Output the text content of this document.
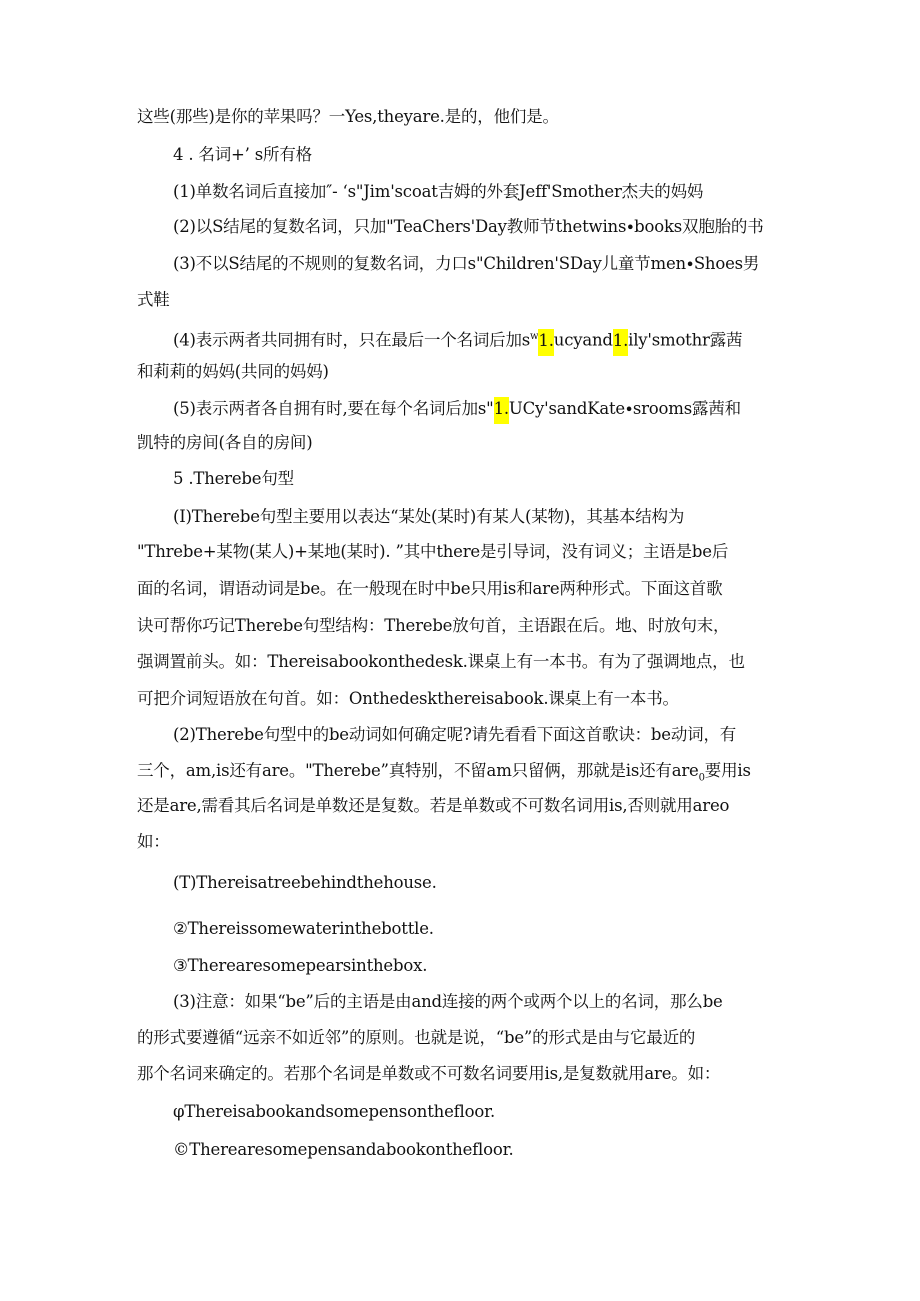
这些(那些)是你的苹果吗？一Yes,theyare.是的，他们是。
4 . 名词+’ s所有格
(1)单数名词后直接加″- ‘s"Jim'scoat吉姆的外套Jeff'Smother杰夫的妈妈
(2)以S结尾的复数名词，只加"TeaChers'Day教师节thetwins∙books双胞胎的书
(3)不以S结尾的不规则的复数名词，力口s"Children'SDay儿童节men∙Shoes男
式鞋
(4)表示两者共同拥有时，只在最后一个名词后加$s^w1.ucyand1.ily'smothr$露茜
和莉莉的妈妈(共同的妈妈)
(5)表示两者各自拥有时,要在每个名词后加s"1.UCy'sandKate∙srooms露茜和
凯特的房间(各自的房间)
5 .Therebe句型
(I)Therebe句型主要用以表达“某处(某时)有某人(某物)，其基本结构为
"Threbe+某物(某人)+某地(某时). ”其中there是引导词，没有词义；主语是be后
面的名词，谓语动词是be。在一般现在时中be只用is和are两种形式。下面这首歌
诀可帮你巧记Therebe句型结构：Therebe放句首，主语跟在后。地、时放句末，
强调置前头。如：Thereisabookonthedesk.课桌上有一本书。有为了强调地点，也
可把介词短语放在句首。如：Onthedeskthereisabook.课桌上有一本书。
(2)Therebe句型中的be动词如何确定呢?请先看看下面这首歌诀：be动词，有
三个，am,is还有are。"Therebe”真特别，不留am只留俩，那就是is还有are$_0$要用is
还是are,需看其后名词是单数还是复数。若是单数或不可数名词用is,否则就用areo
如：
(T)Thereisatreebehindthehouse.
②Thereissomewaterinthebottle.
③Therearesomepearsinthebox.
(3)注意：如果“be”后的主语是由and连接的两个或两个以上的名词，那么be
的形式要遵循“远亲不如近邻”的原则。也就是说，“be”的形式是由与它最近的
那个名词来确定的。若那个名词是单数或不可数名词要用is,是复数就用are。如：
φThereisabookandsomepensonthefloor.
©Therearesomepensandabookonthefloor.
